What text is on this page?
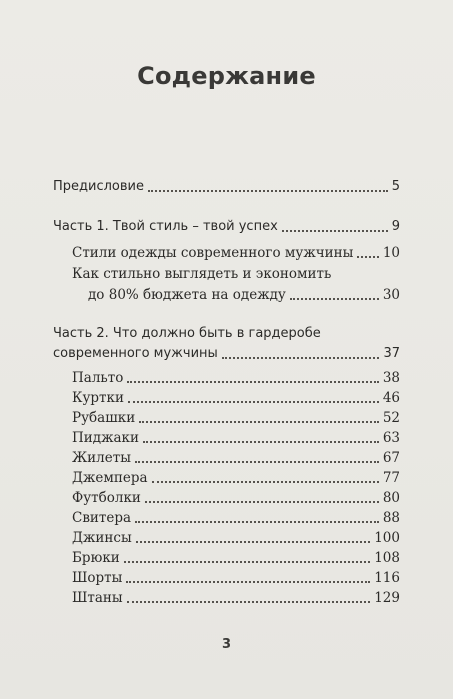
Содержание
Предисловие	5
Часть 1. Твой стиль – твой успех	9
Стили одежды современного мужчины 10
Как стильно выглядеть и экономить
до 80% бюджета на одежду	30
Часть 2. Что должно быть в гардеробе
современного мужчины	37
Пальто	38
Куртки	46
Рубашки	52
Пиджаки	63
Жилеты	67
Джемпера	77
Футболки	80
Свитера	88
Джинсы	100
Брюки	108
Шорты	116
Штаны	129
3
